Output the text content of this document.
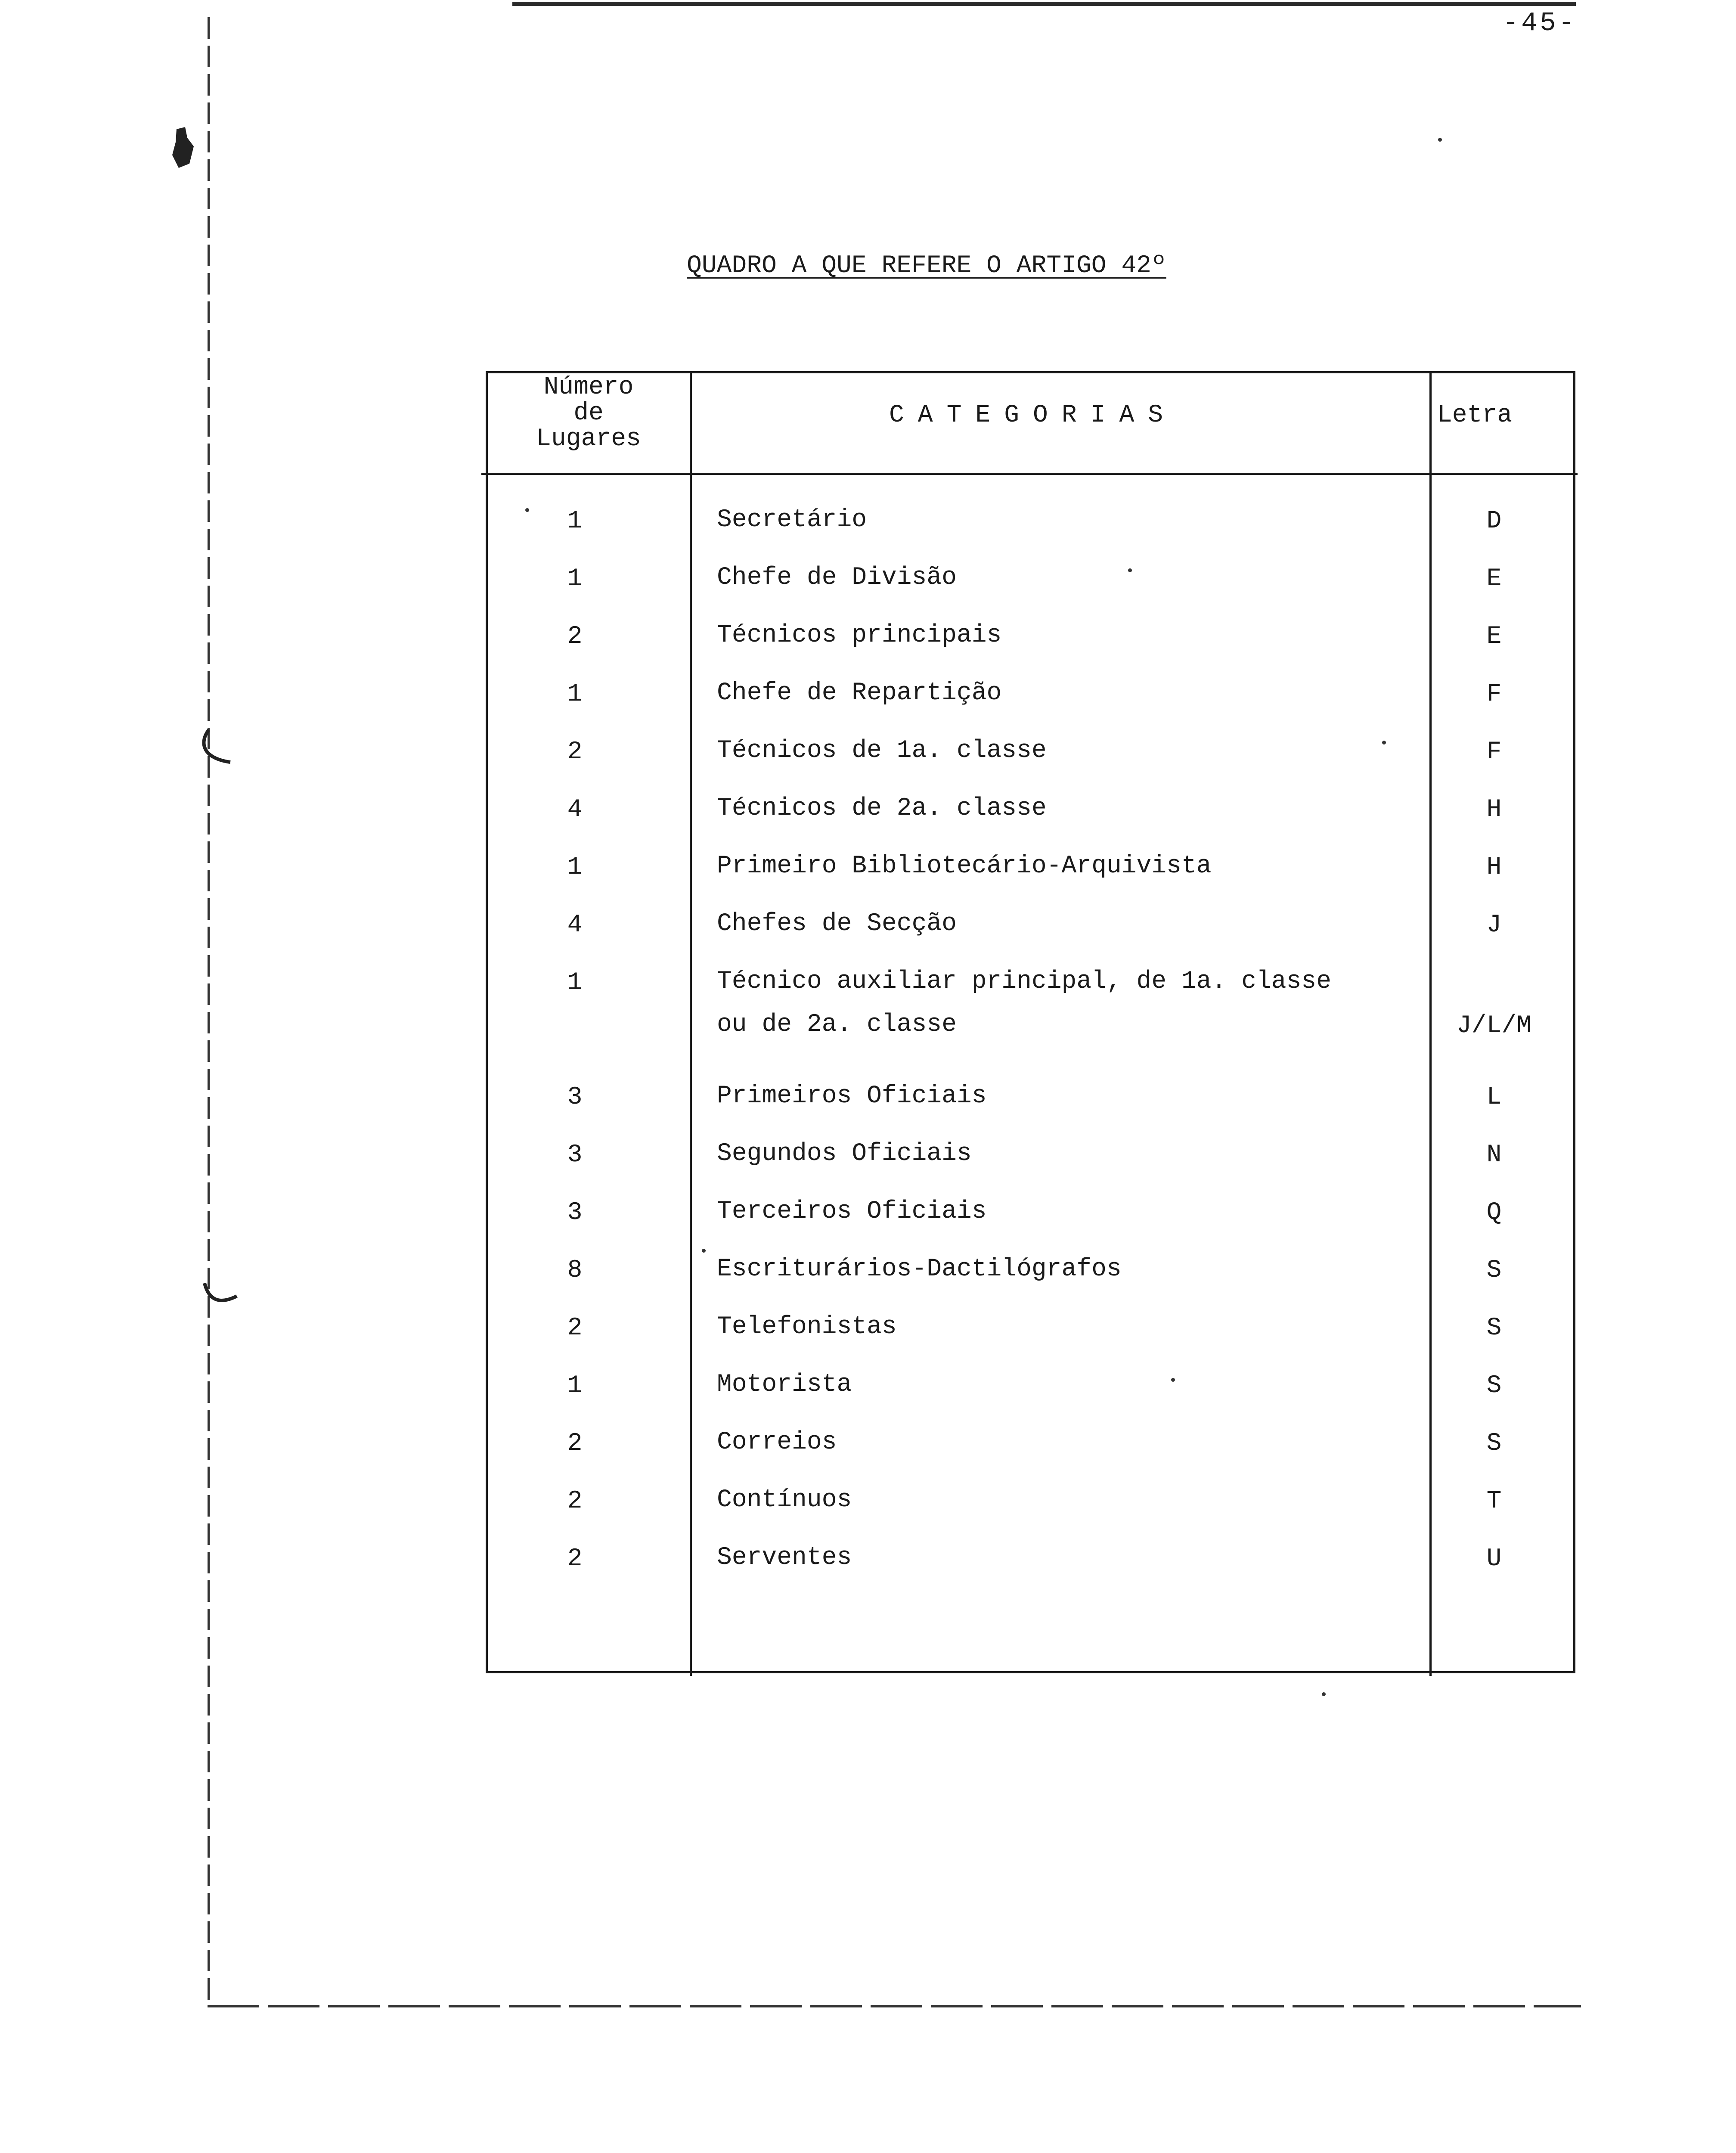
-45-
QUADRO A QUE REFERE O ARTIGO 42º
Número
de
Lugares
CATEGORIAS	Letra
1	Secretário	D
1	Chefe de Divisão	E
2	Técnicos principais	E
1	Chefe de Repartição	F
2	Técnicos de 1a. classe	F
4	Técnicos de 2a. classe	H
1	Primeiro Bibliotecário-Arquivista	H
4	Chefes de Secção	J
1	Técnico auxiliar principal, de 1a. classe
ou de 2a. classe	J/L/M
3	Primeiros Oficiais	L
3	Segundos Oficiais	N
3	Terceiros Oficiais	Q
8	Escriturários-Dactilógrafos	S
2	Telefonistas	S
1	Motorista	S
2	Correios	S
2	Contínuos	T
2	Serventes	U
